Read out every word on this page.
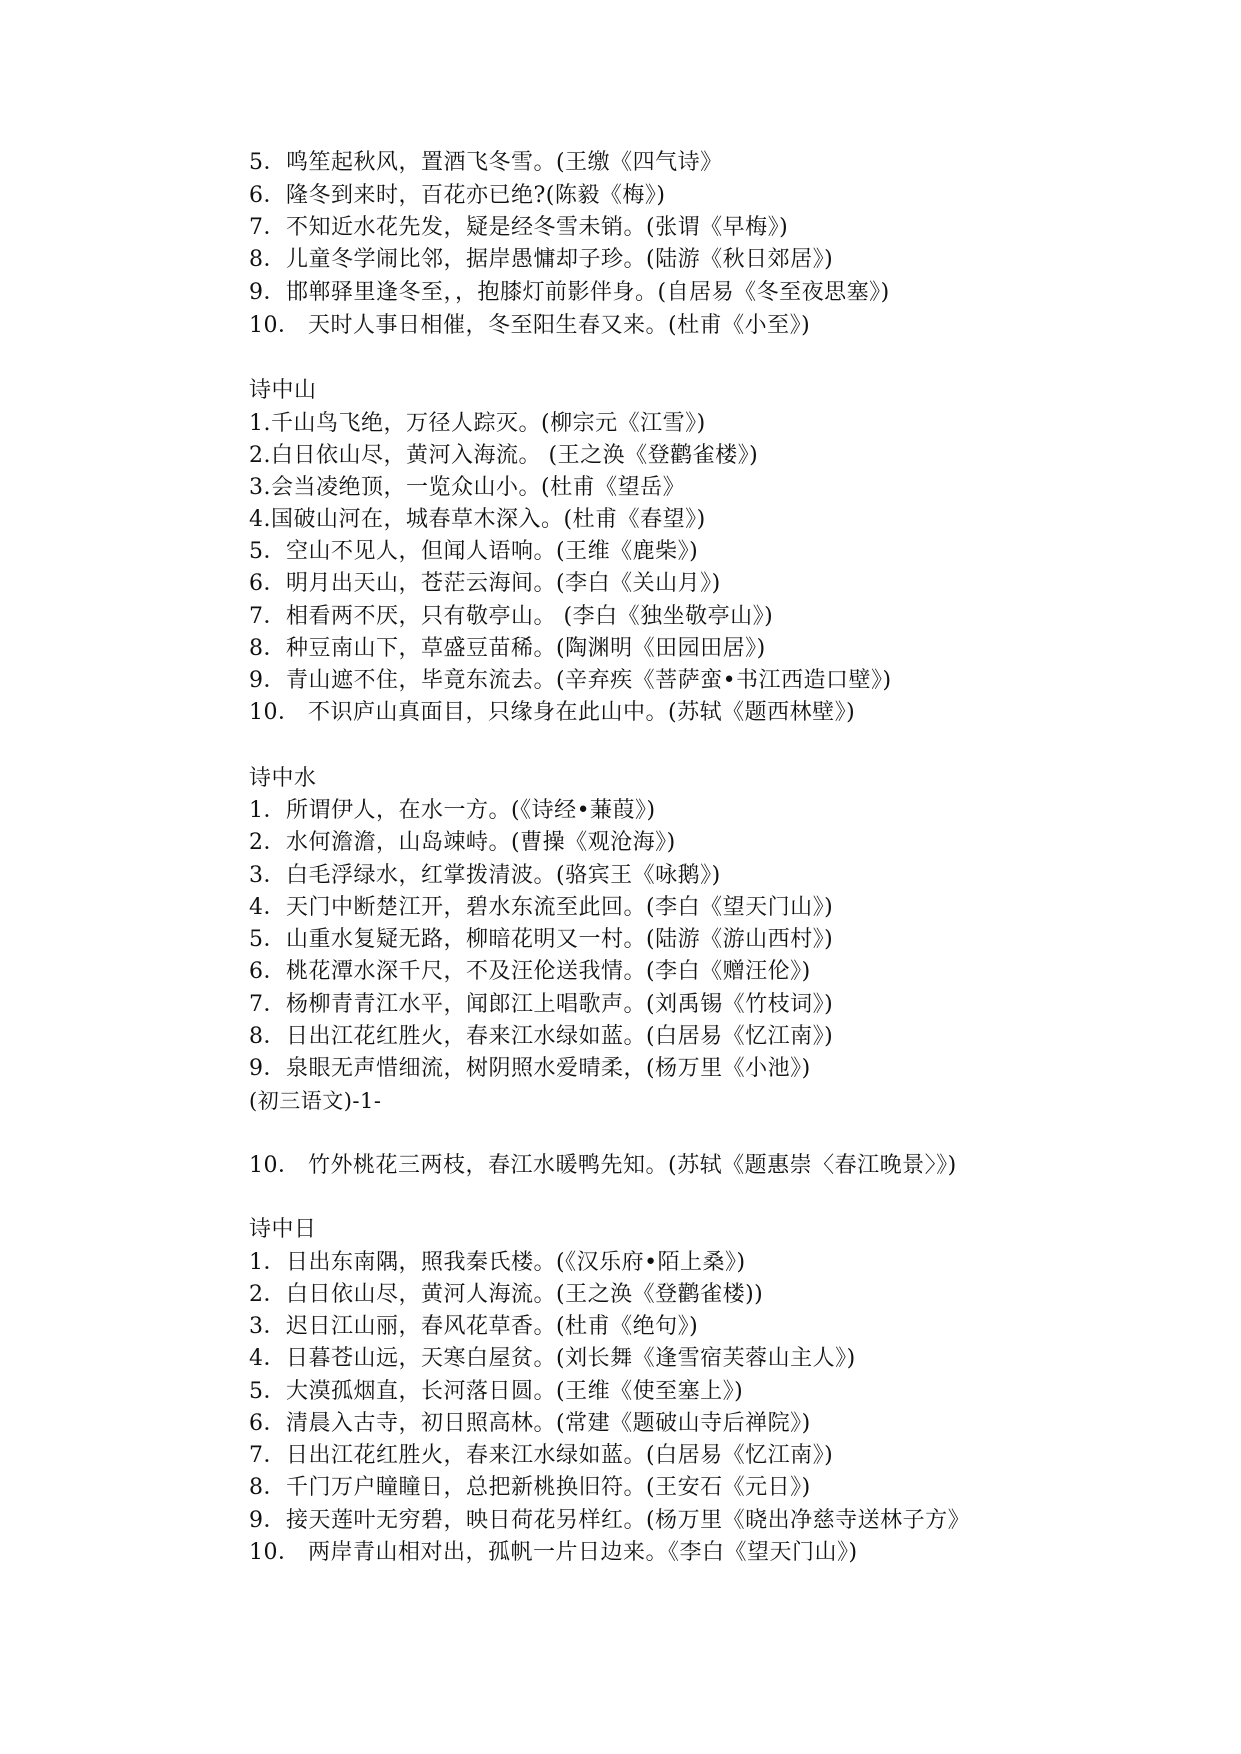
5．鸣笙起秋风，置酒飞冬雪。(王缴《四气诗》
6．隆冬到来时，百花亦已绝?(陈毅《梅》)
7．不知近水花先发，疑是经冬雪未销。(张谓《早梅》)
8．儿童冬学闹比邻，据岸愚慵却子珍。(陆游《秋日郊居》)
9．邯郸驿里逢冬至，，抱膝灯前影伴身。(自居易《冬至夜思塞》)
10． 天时人事日相催，冬至阳生春又来。(杜甫《小至》)
诗中山
1.千山鸟飞绝，万径人踪灭。(柳宗元《江雪》)
2.白日依山尽，黄河入海流。 (王之涣《登鹳雀楼》)
3.会当凌绝顶，一览众山小。(杜甫《望岳》
4.国破山河在，城春草木深入。(杜甫《春望》)
5．空山不见人，但闻人语响。(王维《鹿柴》)
6．明月出天山，苍茫云海间。(李白《关山月》)
7．相看两不厌，只有敬亭山。 (李白《独坐敬亭山》)
8．种豆南山下，草盛豆苗稀。(陶渊明《田园田居》)
9．青山遮不住，毕竟东流去。(辛弃疾《菩萨蛮•书江西造口壁》)
10． 不识庐山真面目，只缘身在此山中。(苏轼《题西林壁》)
诗中水
1．所谓伊人，在水一方。(《诗经•蒹葭》)
2．水何澹澹，山岛竦峙。(曹操《观沧海》)
3．白毛浮绿水，红掌拨清波。(骆宾王《咏鹅》)
4．天门中断楚江开，碧水东流至此回。(李白《望天门山》)
5．山重水复疑无路，柳暗花明又一村。(陆游《游山西村》)
6．桃花潭水深千尺，不及汪伦送我情。(李白《赠汪伦》)
7．杨柳青青江水平，闻郎江上唱歌声。(刘禹锡《竹枝词》)
8．日出江花红胜火，春来江水绿如蓝。(白居易《忆江南》)
9．泉眼无声惜细流，树阴照水爱晴柔，(杨万里《小池》)
(初三语文)-1-
10． 竹外桃花三两枝，春江水暖鸭先知。(苏轼《题惠崇〈春江晚景〉》)
诗中日
1．日出东南隅，照我秦氏楼。(《汉乐府•陌上桑》)
2．白日依山尽，黄河人海流。(王之涣《登鹳雀楼))
3．迟日江山丽，春风花草香。(杜甫《绝句》)
4．日暮苍山远，天寒白屋贫。(刘长舞《逢雪宿芙蓉山主人》)
5．大漠孤烟直，长河落日圆。(王维《使至塞上》)
6．清晨入古寺，初日照高林。(常建《题破山寺后禅院》)
7．日出江花红胜火，春来江水绿如蓝。(白居易《忆江南》)
8．千门万户瞳瞳日，总把新桃换旧符。(王安石《元日》)
9．接天莲叶无穷碧，映日荷花另样红。(杨万里《晓出净慈寺送林子方》
10． 两岸青山相对出，孤帆一片日边来。《李白《望天门山》)
